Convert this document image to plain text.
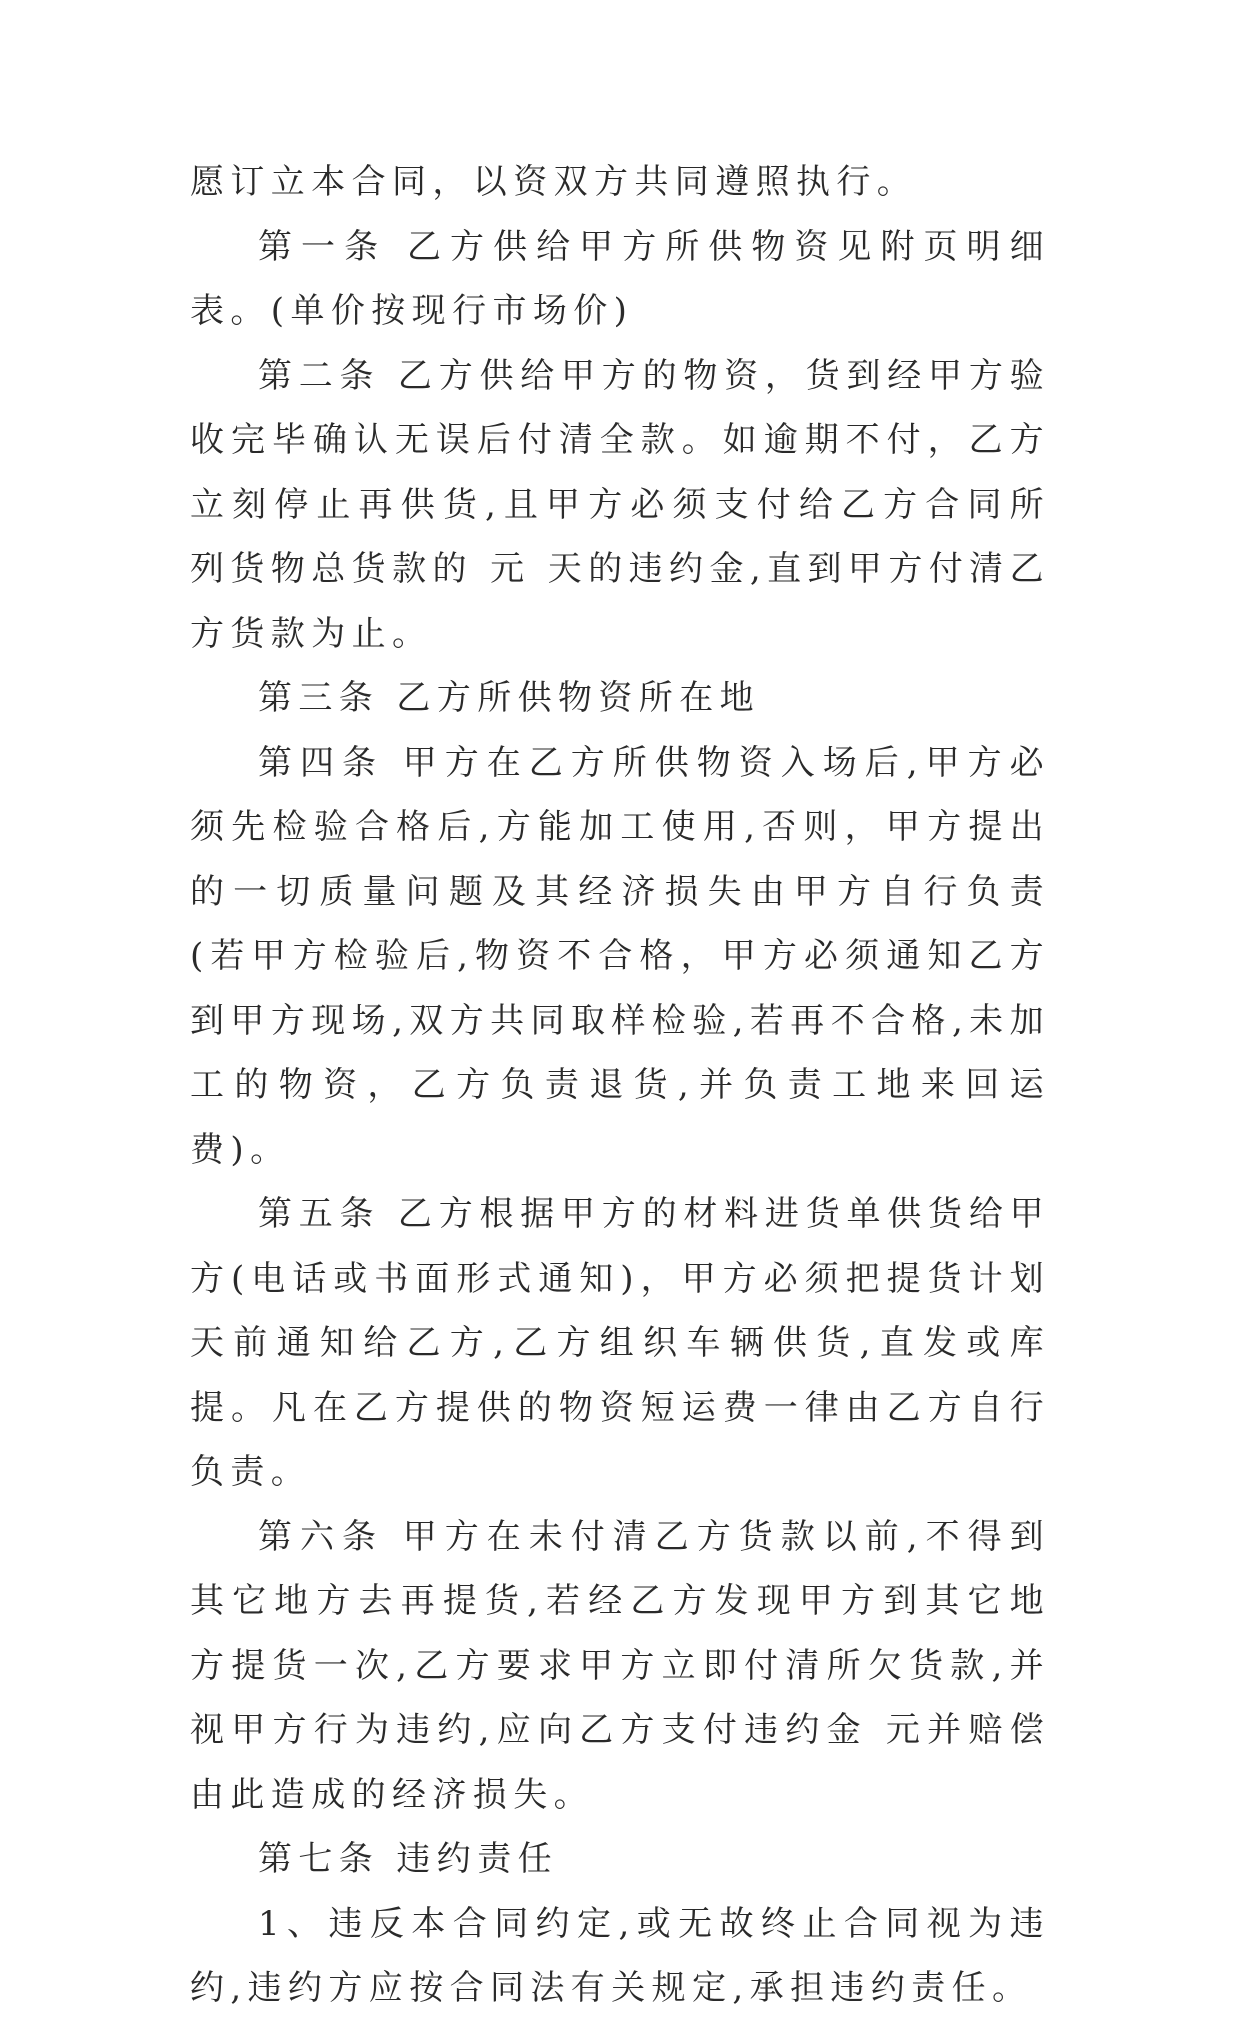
愿订立本合同，以资双方共同遵照执行。

第一条 乙方供给甲方所供物资见附页明细表。(单价按现行市场价)

第二条 乙方供给甲方的物资，货到经甲方验收完毕确认无误后付清全款。如逾期不付，乙方立刻停止再供货,且甲方必须支付给乙方合同所列货物总货款的 元 天的违约金,直到甲方付清乙方货款为止。

第三条 乙方所供物资所在地

第四条 甲方在乙方所供物资入场后,甲方必须先检验合格后,方能加工使用,否则，甲方提出的一切质量问题及其经济损失由甲方自行负责(若甲方检验后,物资不合格，甲方必须通知乙方到甲方现场,双方共同取样检验,若再不合格,未加工的物资，乙方负责退货,并负责工地来回运费)。

第五条 乙方根据甲方的材料进货单供货给甲方(电话或书面形式通知)，甲方必须把提货计划 天前通知给乙方,乙方组织车辆供货,直发或库提。凡在乙方提供的物资短运费一律由乙方自行负责。

第六条 甲方在未付清乙方货款以前,不得到其它地方去再提货,若经乙方发现甲方到其它地方提货一次,乙方要求甲方立即付清所欠货款,并视甲方行为违约,应向乙方支付违约金 元并赔偿由此造成的经济损失。

第七条 违约责任

1、违反本合同约定,或无故终止合同视为违约,违约方应按合同法有关规定,承担违约责任。
